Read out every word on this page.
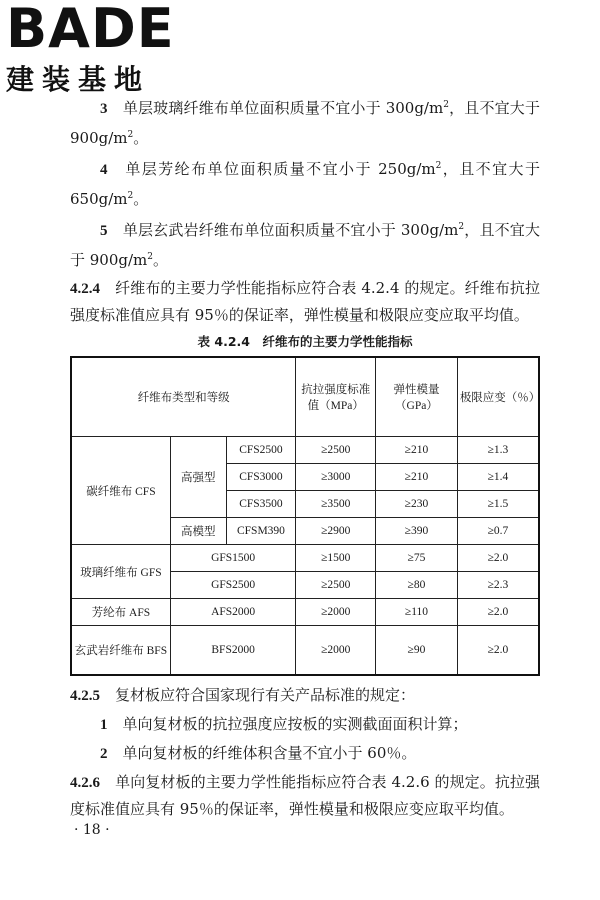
BADE
建装基地

3　 单层玻璃纤维布单位面积质量不宜小于 $300g/m^2$，且不宜大于 $900g/m^2$。

4　 单层芳纶布单位面积质量不宜小于 $250g/m^2$，且不宜大于 $650g/m^2$。

5　 单层玄武岩纤维布单位面积质量不宜小于 $300g/m^2$，且不宜大于 $900g/m^2$。

4.2.4　 纤维布的主要力学性能指标应符合表 4.2.4 的规定。纤维布抗拉强度标准值应具有 95％的保证率，弹性模量和极限应变应取平均值。

表 4.2.4　纤维布的主要力学性能指标
纤维布类型和等级			抗拉强度标准值（MPa）	弹性模量（GPa）	极限应变（％）
碳纤维布 CFS	高强型	CFS2500	≥2500	≥210	≥1.3
		CFS3000	≥3000	≥210	≥1.4
		CFS3500	≥3500	≥230	≥1.5
	高模型	CFSM390	≥2900	≥390	≥0.7
玻璃纤维布 GFS	GFS1500		≥1500	≥75	≥2.0
	GFS2500		≥2500	≥80	≥2.3
芳纶布 AFS	AFS2000		≥2000	≥110	≥2.0
玄武岩纤维布 BFS	BFS2000		≥2000	≥90	≥2.0

4.2.5　 复材板应符合国家现行有关产品标准的规定：

1　 单向复材板的抗拉强度应按板的实测截面面积计算；

2　 单向复材板的纤维体积含量不宜小于 60％。

4.2.6　 单向复材板的主要力学性能指标应符合表 4.2.6 的规定。抗拉强度标准值应具有 95％的保证率，弹性模量和极限应变应取平均值。

· 18 ·
